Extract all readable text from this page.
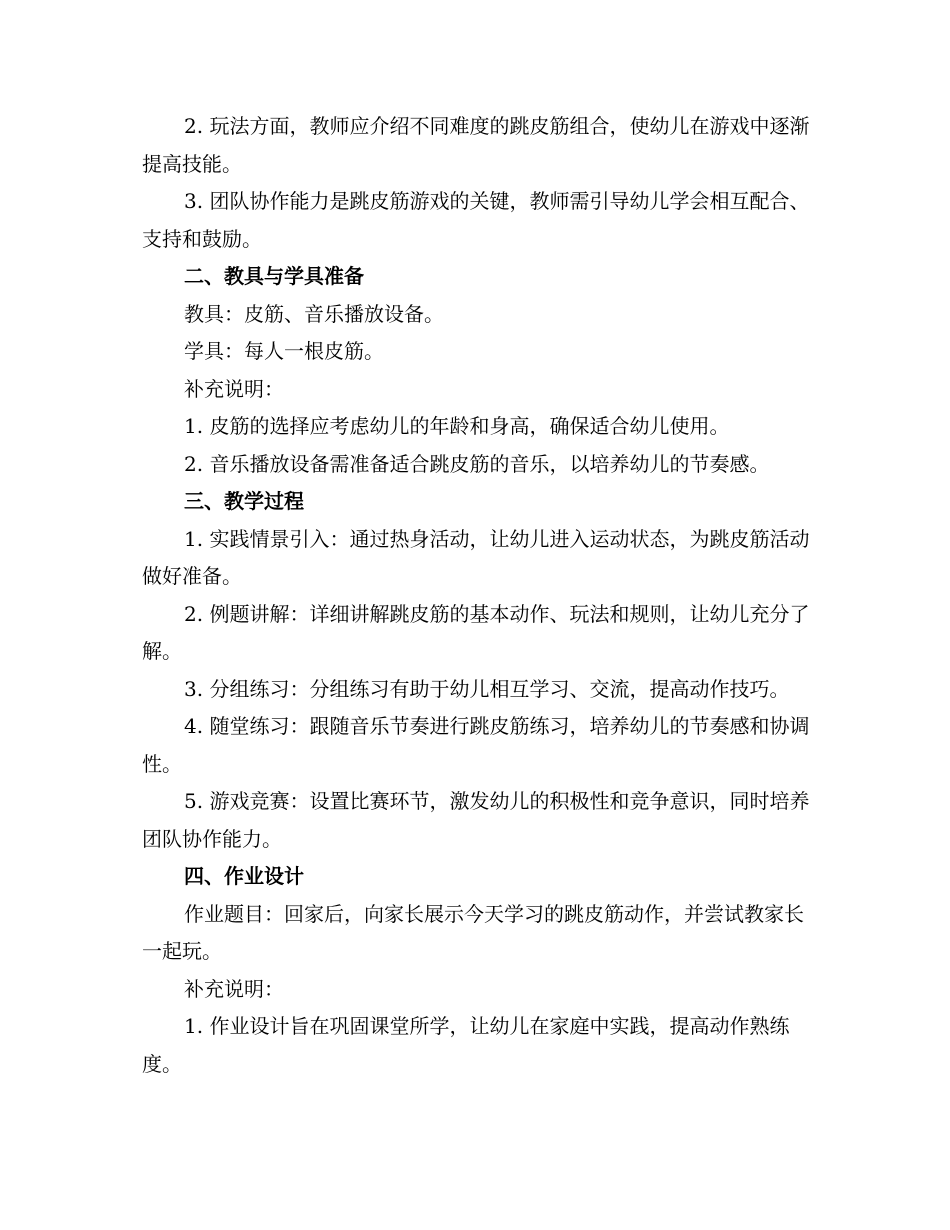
2. 玩法方面，教师应介绍不同难度的跳皮筋组合，使幼儿在游戏中逐渐提高技能。

3. 团队协作能力是跳皮筋游戏的关键，教师需引导幼儿学会相互配合、支持和鼓励。

二、教具与学具准备

教具：皮筋、音乐播放设备。

学具：每人一根皮筋。

补充说明：

1. 皮筋的选择应考虑幼儿的年龄和身高，确保适合幼儿使用。

2. 音乐播放设备需准备适合跳皮筋的音乐，以培养幼儿的节奏感。

三、教学过程

1. 实践情景引入：通过热身活动，让幼儿进入运动状态，为跳皮筋活动做好准备。

2. 例题讲解：详细讲解跳皮筋的基本动作、玩法和规则，让幼儿充分了解。

3. 分组练习：分组练习有助于幼儿相互学习、交流，提高动作技巧。

4. 随堂练习：跟随音乐节奏进行跳皮筋练习，培养幼儿的节奏感和协调性。

5. 游戏竞赛：设置比赛环节，激发幼儿的积极性和竞争意识，同时培养团队协作能力。

四、作业设计

作业题目：回家后，向家长展示今天学习的跳皮筋动作，并尝试教家长一起玩。

补充说明：

1. 作业设计旨在巩固课堂所学，让幼儿在家庭中实践，提高动作熟练度。
